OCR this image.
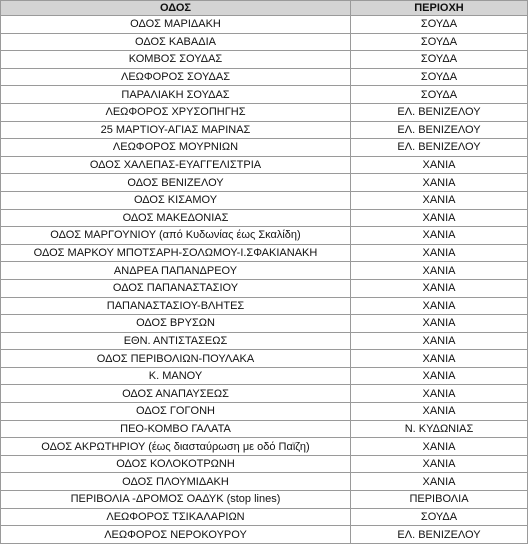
ΟΔΟΣ	ΠΕΡΙΟΧΗ
ΟΔΟΣ ΜΑΡΙΔΑΚΗ	ΣΟΥΔΑ
ΟΔΟΣ ΚΑΒΑΔΙΑ	ΣΟΥΔΑ
ΚΟΜΒΟΣ ΣΟΥΔΑΣ	ΣΟΥΔΑ
ΛΕΩΦΟΡΟΣ ΣΟΥΔΑΣ	ΣΟΥΔΑ
ΠΑΡΑΛΙΑΚΗ ΣΟΥΔΑΣ	ΣΟΥΔΑ
ΛΕΩΦΟΡΟΣ ΧΡΥΣΟΠΗΓΗΣ	ΕΛ. ΒΕΝΙΖΕΛΟΥ
25 ΜΑΡΤΙΟΥ-ΑΓΙΑΣ ΜΑΡΙΝΑΣ	ΕΛ. ΒΕΝΙΖΕΛΟΥ
ΛΕΩΦΟΡΟΣ ΜΟΥΡΝΙΩΝ	ΕΛ. ΒΕΝΙΖΕΛΟΥ
ΟΔΟΣ ΧΑΛΕΠΑΣ-ΕΥΑΓΓΕΛΙΣΤΡΙΑ	ΧΑΝΙΑ
ΟΔΟΣ ΒΕΝΙΖΕΛΟΥ	ΧΑΝΙΑ
ΟΔΟΣ ΚΙΣΑΜΟΥ	ΧΑΝΙΑ
ΟΔΟΣ ΜΑΚΕΔΟΝΙΑΣ	ΧΑΝΙΑ
ΟΔΟΣ ΜΑΡΓΟΥΝΙΟΥ (από Κυδωνίας έως Σκαλίδη)	ΧΑΝΙΑ
ΟΔΟΣ ΜΑΡΚΟΥ ΜΠΟΤΣΑΡΗ-ΣΟΛΩΜΟΥ-Ι.ΣΦΑΚΙΑΝΑΚΗ	ΧΑΝΙΑ
ΑΝΔΡΕΑ ΠΑΠΑΝΔΡΕΟΥ	ΧΑΝΙΑ
ΟΔΟΣ ΠΑΠΑΝΑΣΤΑΣΙΟΥ	ΧΑΝΙΑ
ΠΑΠΑΝΑΣΤΑΣΙΟΥ-ΒΛΗΤΕΣ	ΧΑΝΙΑ
ΟΔΟΣ ΒΡΥΣΩΝ	ΧΑΝΙΑ
ΕΘΝ. ΑΝΤΙΣΤΑΣΕΩΣ	ΧΑΝΙΑ
ΟΔΟΣ ΠΕΡΙΒΟΛΙΩΝ-ΠΟΥΛΑΚΑ	ΧΑΝΙΑ
Κ. ΜΑΝΟΥ	ΧΑΝΙΑ
ΟΔΟΣ ΑΝΑΠΑΥΣΕΩΣ	ΧΑΝΙΑ
ΟΔΟΣ ΓΟΓΟΝΗ	ΧΑΝΙΑ
ΠΕΟ-ΚΟΜΒΟ ΓΑΛΑΤΑ	Ν. ΚΥΔΩΝΙΑΣ
ΟΔΟΣ ΑΚΡΩΤΗΡΙΟΥ (έως διασταύρωση με οδό Παϊζη)	ΧΑΝΙΑ
ΟΔΟΣ ΚΟΛΟΚΟΤΡΩΝΗ	ΧΑΝΙΑ
ΟΔΟΣ ΠΛΟΥΜΙΔΑΚΗ	ΧΑΝΙΑ
ΠΕΡΙΒΟΛΙΑ -ΔΡΟΜΟΣ ΟΑΔΥΚ (stop lines)	ΠΕΡΙΒΟΛΙΑ
ΛΕΩΦΟΡΟΣ ΤΣΙΚΑΛΑΡΙΩΝ	ΣΟΥΔΑ
ΛΕΩΦΟΡΟΣ ΝΕΡΟΚΟΥΡΟΥ	ΕΛ. ΒΕΝΙΖΕΛΟΥ
